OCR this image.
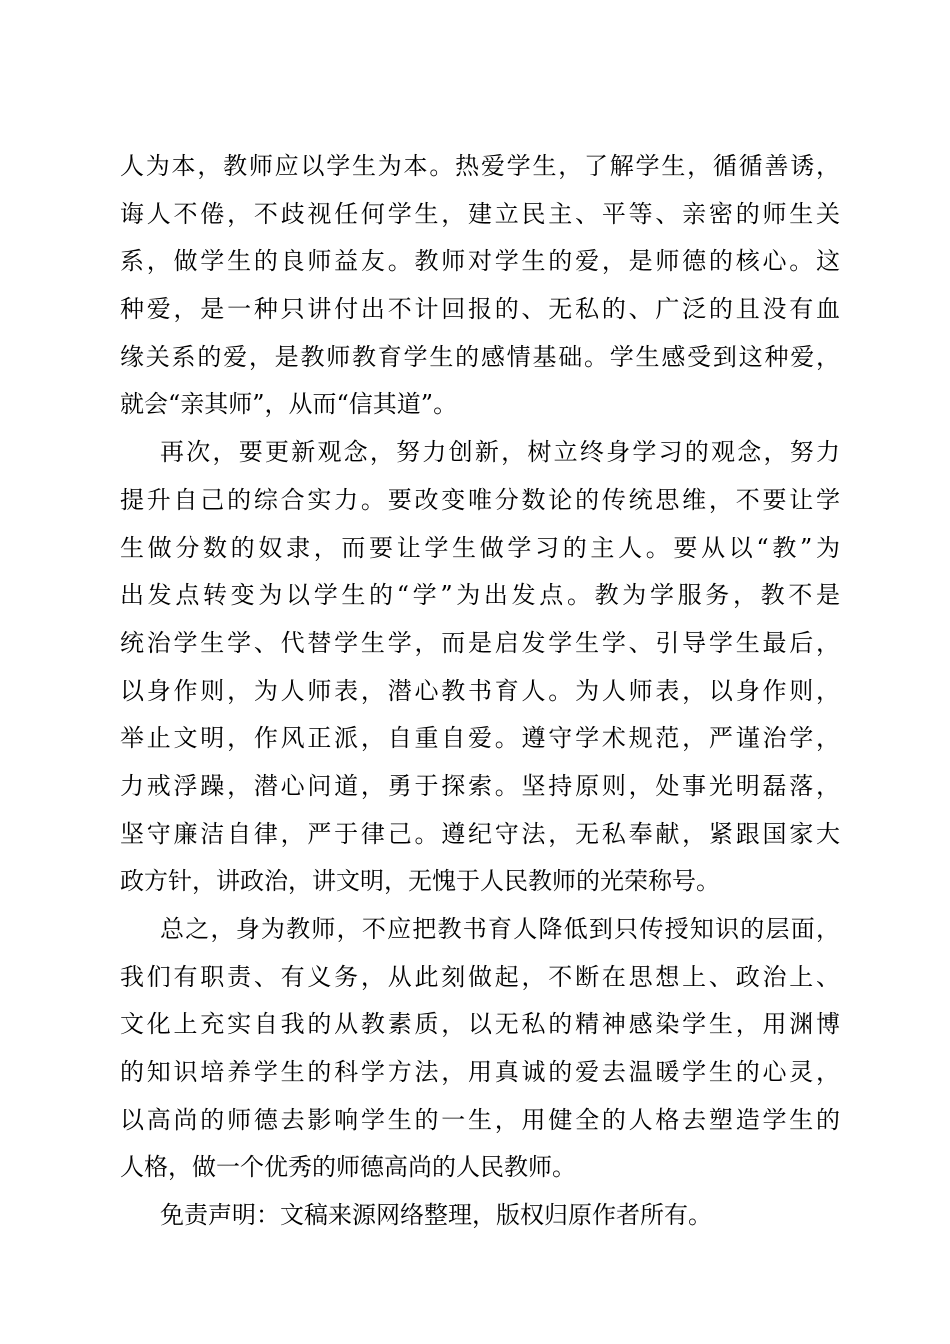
人为本，教师应以学生为本。热爱学生，了解学生，循循善诱，
诲人不倦，不歧视任何学生，建立民主、平等、亲密的师生关
系，做学生的良师益友。教师对学生的爱，是师德的核心。这
种爱，是一种只讲付出不计回报的、无私的、广泛的且没有血
缘关系的爱，是教师教育学生的感情基础。学生感受到这种爱，
就会“亲其师”，从而“信其道”。
再次，要更新观念，努力创新，树立终身学习的观念，努力
提升自己的综合实力。要改变唯分数论的传统思维，不要让学
生做分数的奴隶，而要让学生做学习的主人。要从以“教”为
出发点转变为以学生的“学”为出发点。教为学服务，教不是
统治学生学、代替学生学，而是启发学生学、引导学生最后，
以身作则，为人师表，潜心教书育人。为人师表，以身作则，
举止文明，作风正派，自重自爱。遵守学术规范，严谨治学，
力戒浮躁，潜心问道，勇于探索。坚持原则，处事光明磊落，
坚守廉洁自律，严于律己。遵纪守法，无私奉献，紧跟国家大
政方针，讲政治，讲文明，无愧于人民教师的光荣称号。
总之，身为教师，不应把教书育人降低到只传授知识的层面，
我们有职责、有义务，从此刻做起，不断在思想上、政治上、
文化上充实自我的从教素质，以无私的精神感染学生，用渊博
的知识培养学生的科学方法，用真诚的爱去温暖学生的心灵，
以高尚的师德去影响学生的一生，用健全的人格去塑造学生的
人格，做一个优秀的师德高尚的人民教师。
免责声明：文稿来源网络整理，版权归原作者所有。
